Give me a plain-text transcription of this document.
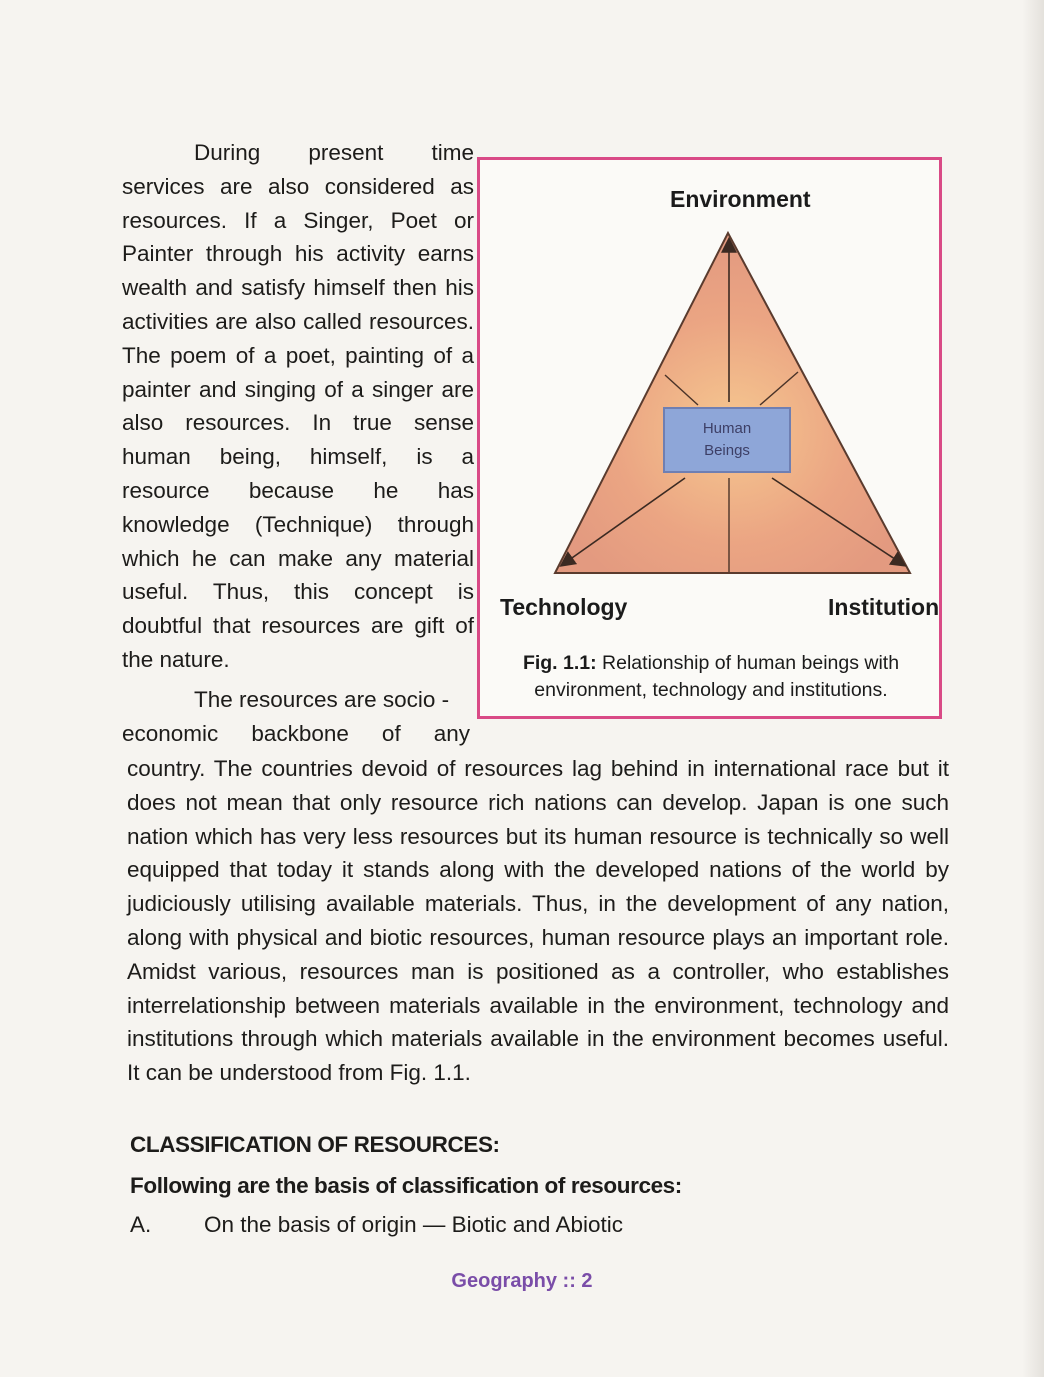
During present time services are also considered as resources. If a Singer, Poet or Painter through his activity earns wealth and satisfy himself then his activities are also called resources. The poem of a poet, painting of a painter and singing of a singer are also resources. In true sense human being, himself, is a resource because he has knowledge (Technique) through which he can make any material useful. Thus, this concept is doubtful that resources are gift of the nature.

The resources are socio -

economic backbone of any

Human
Beings
Environment
Technology	Institution
Fig. 1.1: Relationship of human beings with environment, technology and institutions.

country. The countries devoid of resources lag behind in international race but it does not mean that only resource rich nations can develop. Japan is one such nation which has very less resources but its human resource is technically so well equipped that today it stands along with the developed nations of the world by judiciously utilising available materials. Thus, in the development of any nation, along with physical and biotic resources, human resource plays an important role. Amidst various, resources man is positioned as a controller, who establishes interrelationship between materials available in the environment, technology and institutions through which materials available in the environment becomes useful. It can be understood from Fig. 1.1.

CLASSIFICATION OF RESOURCES:
Following are the basis of classification of resources:
A. On the basis of origin — Biotic and Abiotic
Geography :: 2
